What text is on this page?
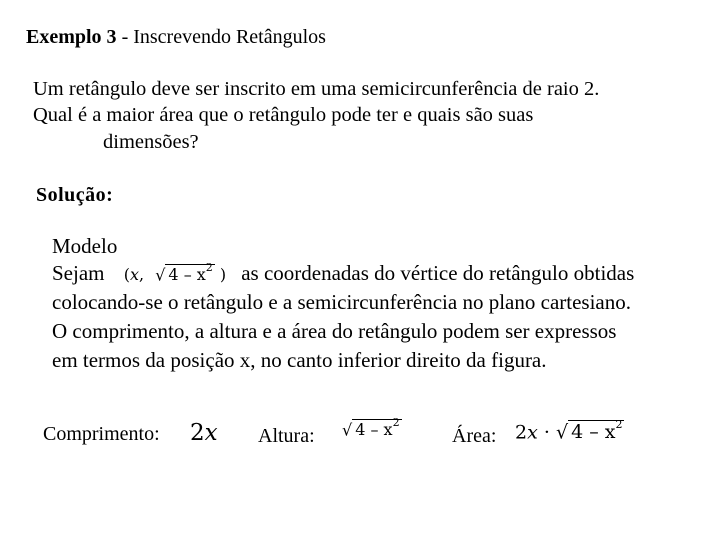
Exemplo 3 - Inscrevendo Retângulos
Um retângulo deve ser inscrito em uma semicircunferência de raio 2.
Qual é a maior área que o retângulo pode ter e quais são suas
dimensões?
Solução:
Modelo
Sejam (x, √ $4 - x^2$ ) as coordenadas do vértice do retângulo obtidas
colocando-se o retângulo e a semicircunferência no plano cartesiano.
O comprimento, a altura e a área do retângulo podem ser expressos
em termos da posição x, no canto inferior direito da figura.
Comprimento: 2x Altura: √ $4 - x^2$
Área: 2x · √ $4 - x^2$
